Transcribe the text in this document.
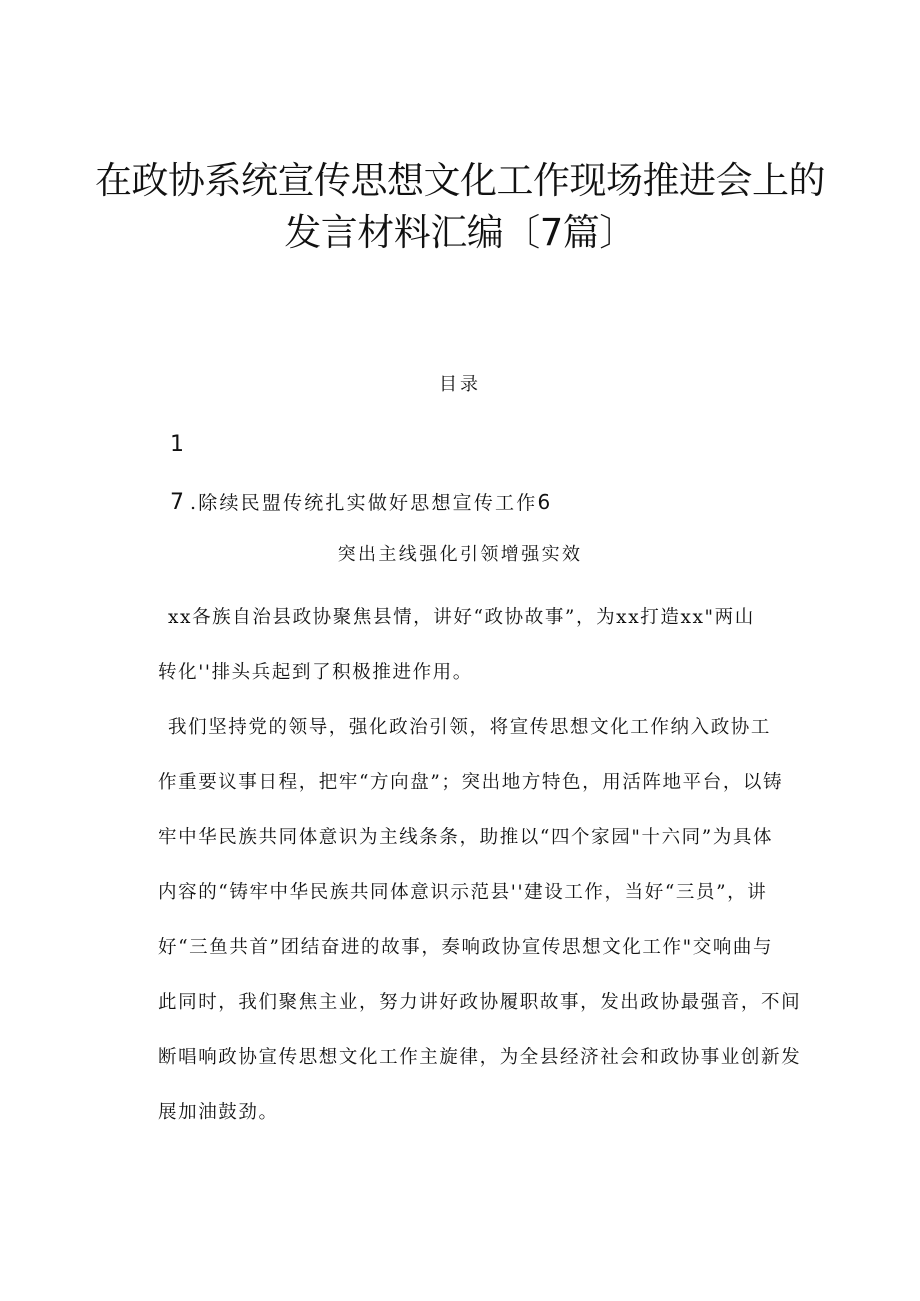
在政协系统宣传思想文化工作现场推进会上的
发言材料汇编〔7篇〕
目录
1
7 .除续民盟传统扎实做好思想宣传工作6
突出主线强化引领增强实效
xx各族自治县政协聚焦县情，讲好“政协故事”，为xx打造xx"两山
转化''排头兵起到了积极推进作用。
我们坚持党的领导，强化政治引领，将宣传思想文化工作纳入政协工
作重要议事日程，把牢“方向盘”；突出地方特色，用活阵地平台，以铸
牢中华民族共同体意识为主线条条，助推以“四个家园"十六同”为具体
内容的“铸牢中华民族共同体意识示范县''建设工作，当好“三员”，讲
好“三鱼共首”团结奋进的故事，奏响政协宣传思想文化工作"交响曲与
此同时，我们聚焦主业，努力讲好政协履职故事，发出政协最强音，不间
断唱响政协宣传思想文化工作主旋律，为全县经济社会和政协事业创新发
展加油鼓劲。
